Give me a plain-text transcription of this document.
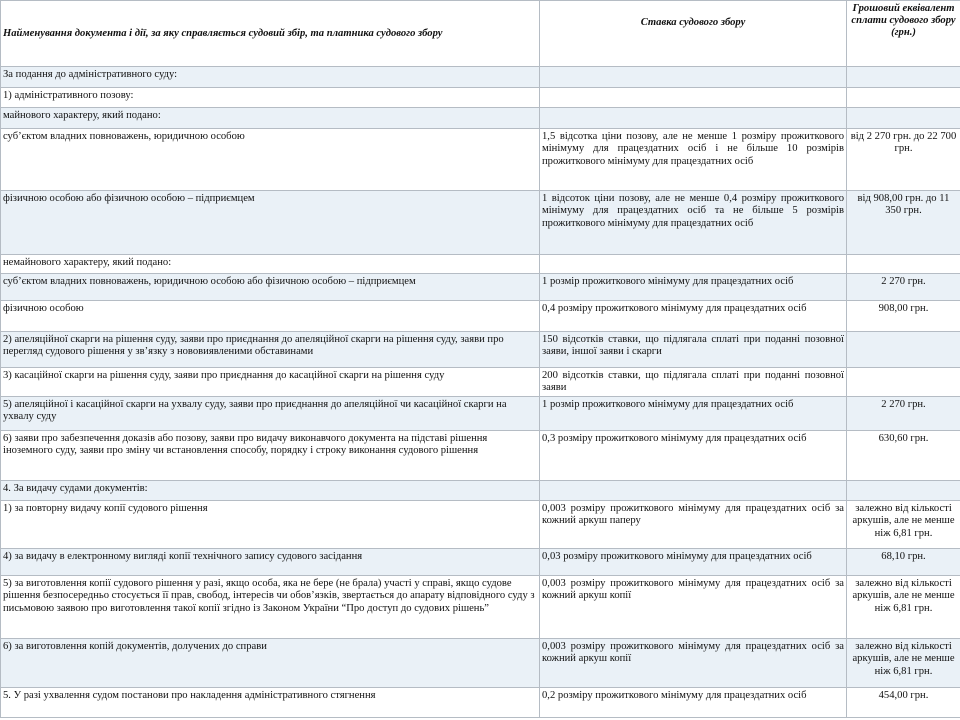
Найменування документа і дії, за яку справляється судовий збір, та платника судового збору	Ставка судового збору	Грошовий еквівалент сплати судового збору (грн.)
За подання до адміністративного суду:		
1) адміністративного позову:		
майнового характеру, який подано:		
суб’єктом владних повноважень, юридичною особою	1,5 відсотка ціни позову, але не менше 1 розміру прожиткового мінімуму для працездатних осіб і не більше 10 розмірів прожиткового мінімуму для працездатних осіб	від 2 270 грн. до 22 700 грн.
фізичною особою або фізичною особою – підприємцем	1 відсоток ціни позову, але не менше 0,4 розміру прожиткового мінімуму для працездатних осіб та не більше 5 розмірів прожиткового мінімуму для працездатних осіб	від 908,00 грн. до 11 350 грн.
немайнового характеру, який подано:		
суб’єктом владних повноважень, юридичною особою або фізичною особою – підприємцем	1 розмір прожиткового мінімуму для працездатних осіб	2 270 грн.
фізичною особою	0,4 розміру прожиткового мінімуму для працездатних осіб	908,00 грн.
2) апеляційної скарги на рішення суду, заяви про приєднання до апеляційної скарги на рішення суду, заяви про перегляд судового рішення у зв’язку з нововиявленими обставинами	150 відсотків ставки, що підлягала сплаті при поданні позовної заяви, іншої заяви і скарги	
3) касаційної скарги на рішення суду, заяви про приєднання до касаційної скарги на рішення суду	200 відсотків ставки, що підлягала сплаті при поданні позовної заяви	
5) апеляційної і касаційної скарги на ухвалу суду, заяви про приєднання до апеляційної чи касаційної скарги на ухвалу суду	1 розмір прожиткового мінімуму для працездатних осіб	2 270 грн.
6) заяви про забезпечення доказів або позову, заяви про видачу виконавчого документа на підставі рішення іноземного суду, заяви про зміну чи встановлення способу, порядку і строку виконання судового рішення	0,3 розміру прожиткового мінімуму для працездатних осіб	630,60 грн.
4. За видачу судами документів:		
1) за повторну видачу копії судового рішення	0,003 розміру прожиткового мінімуму для працездатних осіб за кожний аркуш паперу	залежно від кількості аркушів, але не менше ніж 6,81 грн.
4) за видачу в електронному вигляді копії технічного запису судового засідання	0,03 розміру прожиткового мінімуму для працездатних осіб	68,10 грн.
5) за виготовлення копії судового рішення у разі, якщо особа, яка не бере (не брала) участі у справі, якщо судове рішення безпосередньо стосується її прав, свобод, інтересів чи обов’язків, звертається до апарату відповідного суду з письмовою заявою про виготовлення такої копії згідно із Законом України “Про доступ до судових рішень”	0,003 розміру прожиткового мінімуму для працездатних осіб за кожний аркуш копії	залежно від кількості аркушів, але не менше ніж 6,81 грн.
6) за виготовлення копій документів, долучених до справи	0,003 розміру прожиткового мінімуму для працездатних осіб за кожний аркуш копії	залежно від кількості аркушів, але не менше ніж 6,81 грн.
5. У разі ухвалення судом постанови про накладення адміністративного стягнення	0,2 розміру прожиткового мінімуму для працездатних осіб	454,00 грн.
